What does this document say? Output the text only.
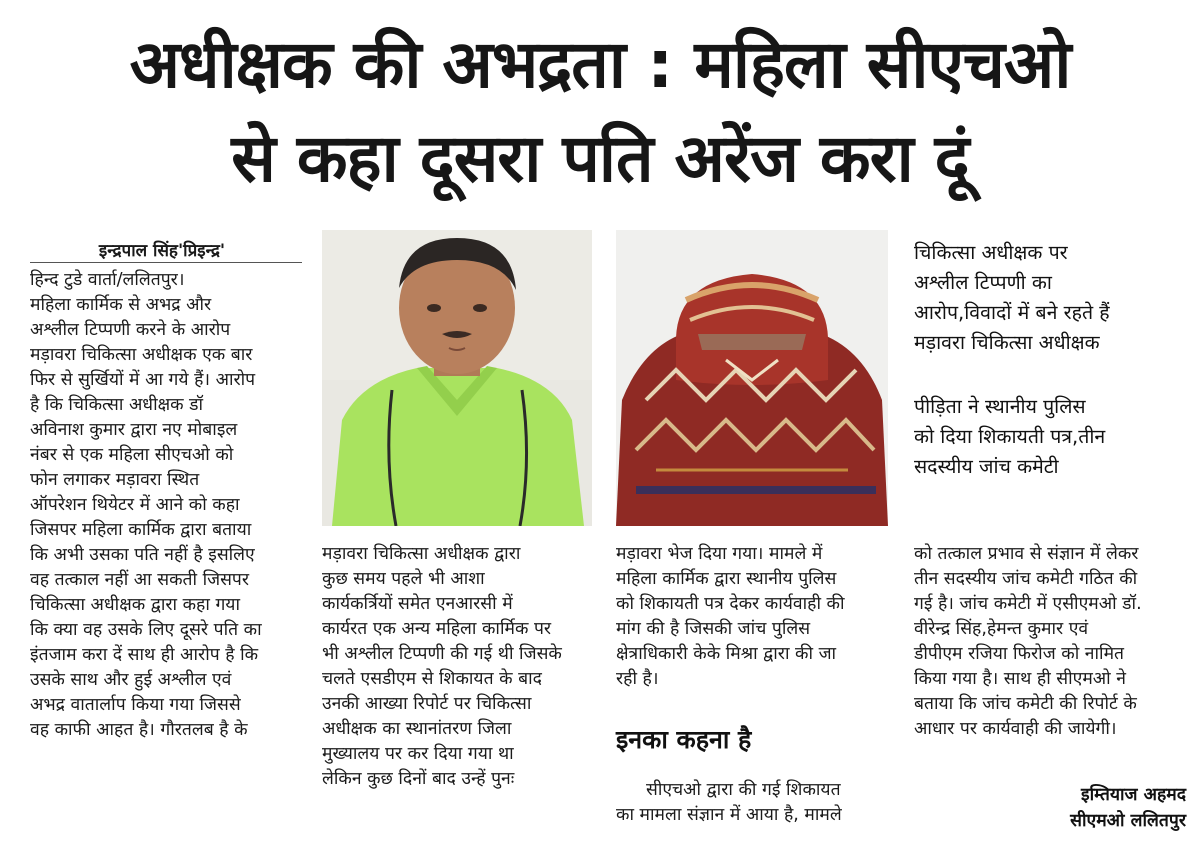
अधीक्षक की अभद्रता : महिला सीएचओ
से कहा दूसरा पति अरेंज करा दूं
इन्द्रपाल सिंह'प्रिइन्द्र'

हिन्द टुडे वार्ता/ललितपुर।

महिला कार्मिक से अभद्र और

अश्लील टिप्पणी करने के आरोप

मड़ावरा चिकित्सा अधीक्षक एक बार

फिर से सुर्खियों में आ गये हैं। आरोप

है कि चिकित्सा अधीक्षक डॉ

अविनाश कुमार द्वारा नए मोबाइल

नंबर से एक महिला सीएचओ को

फोन लगाकर मड़ावरा स्थित

ऑपरेशन थियेटर में आने को कहा

जिसपर महिला कार्मिक द्वारा बताया

कि अभी उसका पति नहीं है इसलिए

वह तत्काल नहीं आ सकती जिसपर

चिकित्सा अधीक्षक द्वारा कहा गया

कि क्या वह उसके लिए दूसरे पति का

इंतजाम करा दें साथ ही आरोप है कि

उसके साथ और हुई अश्लील एवं

अभद्र वातार्लाप किया गया जिससे

वह काफी आहत है। गौरतलब है के

मड़ावरा चिकित्सा अधीक्षक द्वारा

कुछ समय पहले भी आशा

कार्यकर्त्रियों समेत एनआरसी में

कार्यरत एक अन्य महिला कार्मिक पर

भी अश्लील टिप्पणी की गई थी जिसके

चलते एसडीएम से शिकायत के बाद

उनकी आख्या रिपोर्ट पर चिकित्सा

अधीक्षक का स्थानांतरण जिला

मुख्यालय पर कर दिया गया था

लेकिन कुछ दिनों बाद उन्हें पुनः

मड़ावरा भेज दिया गया। मामले में

महिला कार्मिक द्वारा स्थानीय पुलिस

को शिकायती पत्र देकर कार्यवाही की

मांग की है जिसकी जांच पुलिस

क्षेत्राधिकारी केके मिश्रा द्वारा की जा

रही है।

इनका कहना है

सीएचओ द्वारा की गई शिकायत

का मामला संज्ञान में आया है, मामले

चिकित्सा अधीक्षक पर
अश्लील टिप्पणी का
आरोप,विवादों में बने रहते हैं
मड़ावरा चिकित्सा अधीक्षक
पीड़िता ने स्थानीय पुलिस
को दिया शिकायती पत्र,तीन
सदस्यीय जांच कमेटी

को तत्काल प्रभाव से संज्ञान में लेकर

तीन सदस्यीय जांच कमेटी गठित की

गई है। जांच कमेटी में एसीएमओ डॉ.

वीरेन्द्र सिंह,हेमन्त कुमार एवं

डीपीएम रजिया फिरोज को नामित

किया गया है। साथ ही सीएमओ ने

बताया कि जांच कमेटी की रिपोर्ट के

आधार पर कार्यवाही की जायेगी।

इम्तियाज अहमद
सीएमओ ललितपुर
